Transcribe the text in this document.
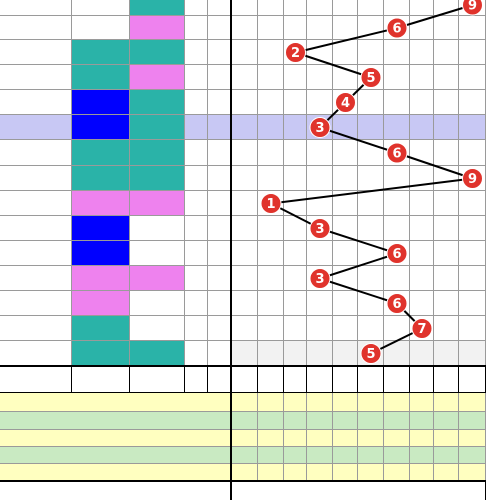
9
6
2
5
4
3
6
9
1
3
6
3
6
7
5
